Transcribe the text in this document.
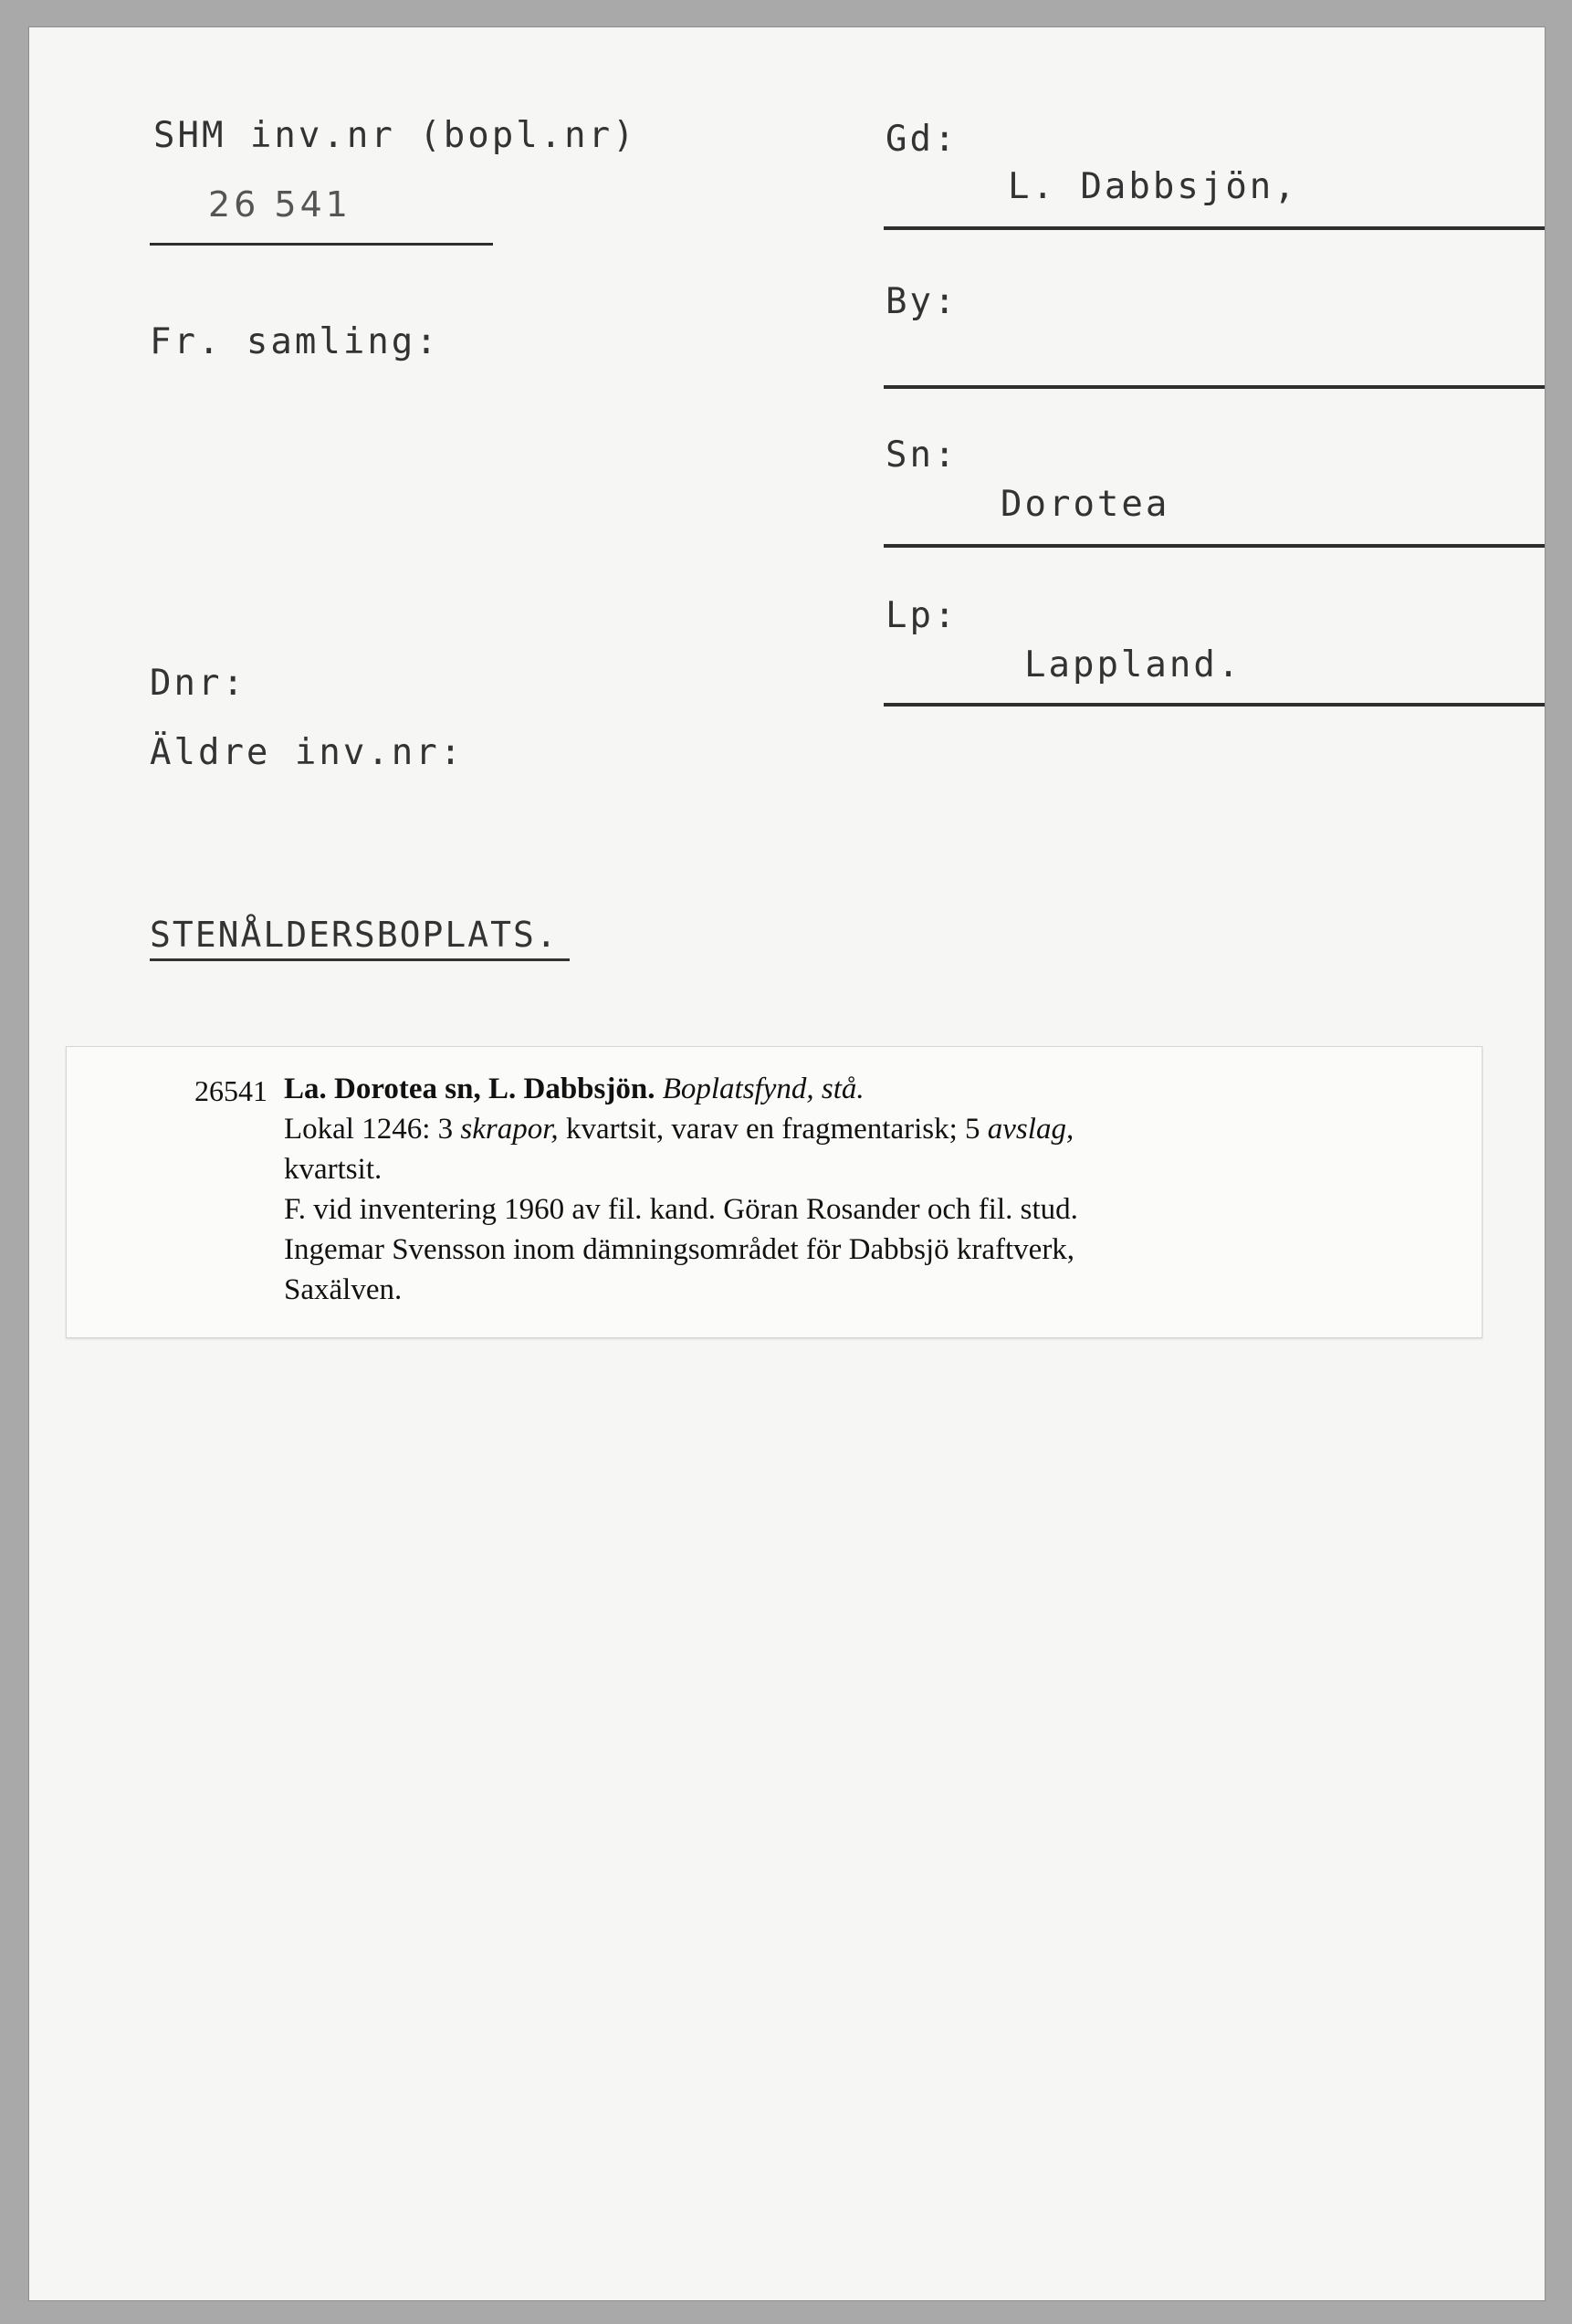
SHM inv.nr (bopl.nr)
26 541
Fr. samling:
Dnr:
Äldre inv.nr:
Gd:
L. Dabbsjön,
By:
Sn:
Dorotea
Lp:
Lappland.
STENÅLDERSBOPLATS.
26541 La. Dorotea sn, L. Dabbsjön. Boplatsfynd, stå.
Lokal 1246: 3 skrapor, kvartsit, varav en fragmentarisk; 5 avslag,
kvartsit.
F. vid inventering 1960 av fil. kand. Göran Rosander och fil. stud.
Ingemar Svensson inom dämningsområdet för Dabbsjö kraftverk,
Saxälven.
